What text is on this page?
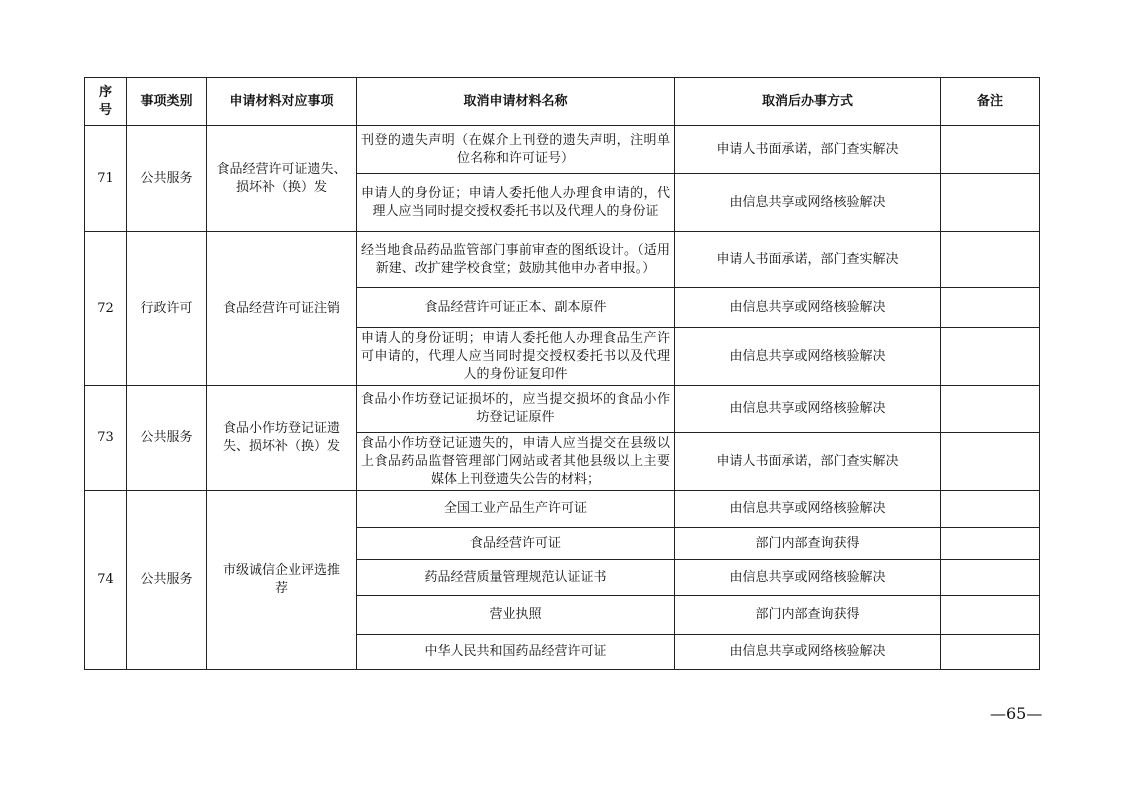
序号	事项类别	申请材料对应事项	取消申请材料名称	取消后办事方式	备注
71	公共服务	食品经营许可证遗失、损坏补（换）发	刊登的遗失声明（在媒介上刊登的遗失声明，注明单位名称和许可证号）	申请人书面承诺，部门查实解决	
			申请人的身份证；申请人委托他人办理食申请的，代理人应当同时提交授权委托书以及代理人的身份证	由信息共享或网络核验解决	
72	行政许可	食品经营许可证注销	经当地食品药品监管部门事前审查的图纸设计。（适用新建、改扩建学校食堂；鼓励其他申办者申报。）	申请人书面承诺，部门查实解决	
			食品经营许可证正本、副本原件	由信息共享或网络核验解决	
			申请人的身份证明；申请人委托他人办理食品生产许可申请的，代理人应当同时提交授权委托书以及代理人的身份证复印件	由信息共享或网络核验解决	
73	公共服务	食品小作坊登记证遗失、损坏补（换）发	食品小作坊登记证损坏的，应当提交损坏的食品小作坊登记证原件	由信息共享或网络核验解决	
			食品小作坊登记证遗失的，申请人应当提交在县级以上食品药品监督管理部门网站或者其他县级以上主要媒体上刊登遗失公告的材料；	申请人书面承诺，部门查实解决	
74	公共服务	市级诚信企业评选推荐	全国工业产品生产许可证	由信息共享或网络核验解决	
			食品经营许可证	部门内部查询获得	
			药品经营质量管理规范认证证书	由信息共享或网络核验解决	
			营业执照	部门内部查询获得	
			中华人民共和国药品经营许可证	由信息共享或网络核验解决	
—65—
